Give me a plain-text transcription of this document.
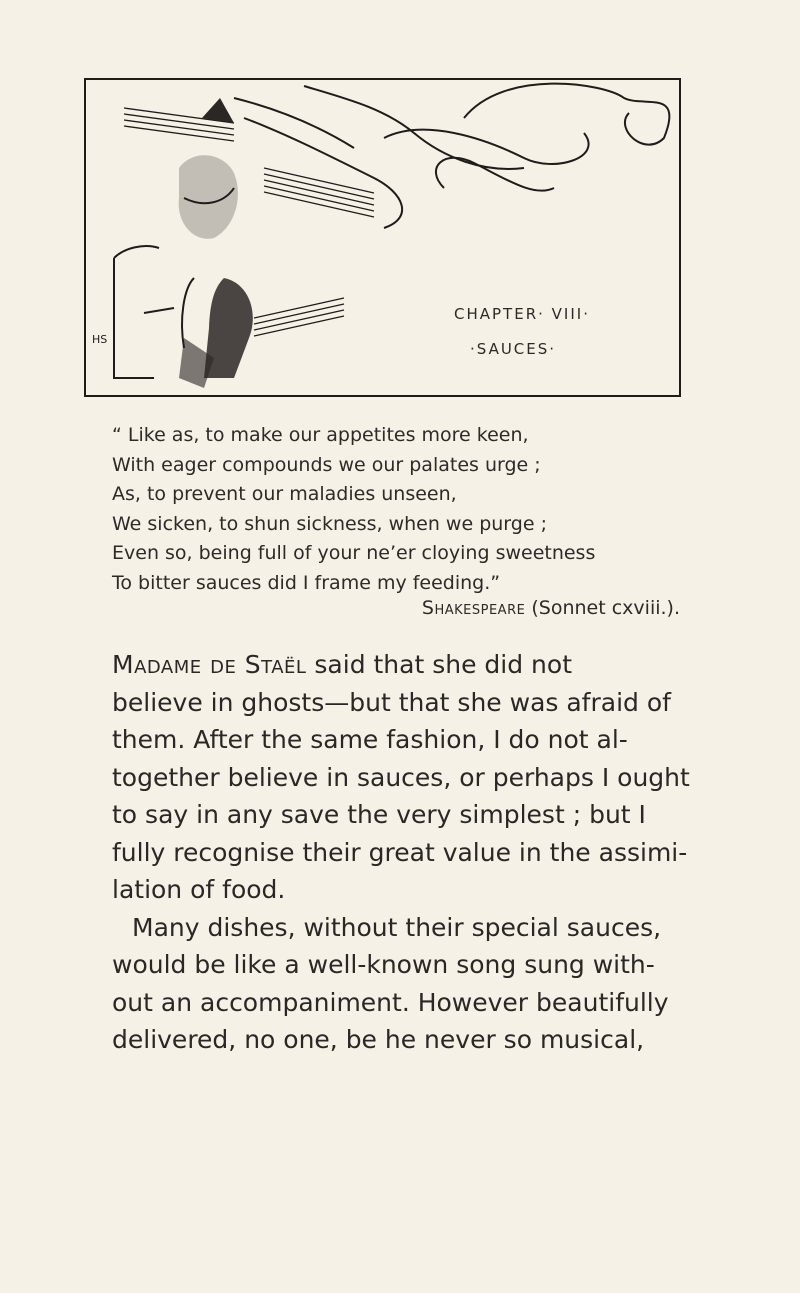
HS
CHAPTER· VIII·
·SAUCES·
“ Like as, to make our appetites more keen,
With eager compounds we our palates urge ;
As, to prevent our maladies unseen,
We sicken, to shun sickness, when we purge ;
Even so, being full of your ne’er cloying sweetness
To bitter sauces did I frame my feeding.”
Shakespeare (Sonnet cxviii.).
Madame de Staël said that she did not
believe in ghosts—but that she was afraid of
them. After the same fashion, I do not al-
together believe in sauces, or perhaps I ought
to say in any save the very simplest ; but I
fully recognise their great value in the assimi-
lation of food.
Many dishes, without their special sauces,
would be like a well-known song sung with-
out an accompaniment. However beautifully
delivered, no one, be he never so musical,
